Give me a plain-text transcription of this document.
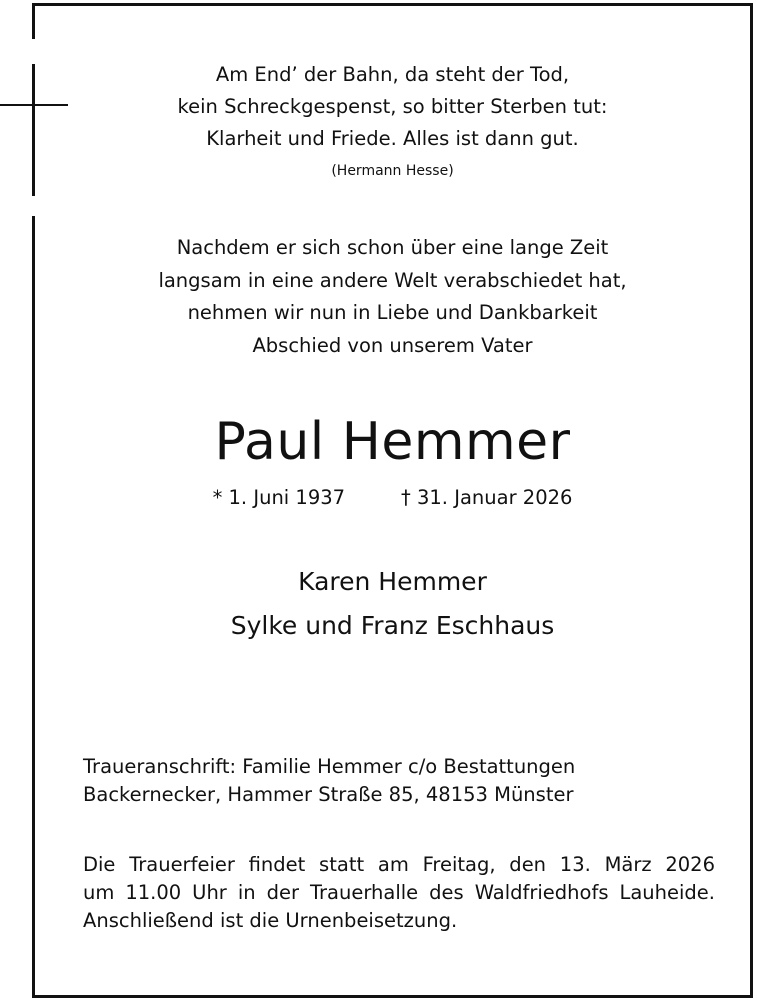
Am End’ der Bahn, da steht der Tod,
kein Schreckgespenst, so bitter Sterben tut:
Klarheit und Friede. Alles ist dann gut.
(Hermann Hesse)
Nachdem er sich schon über eine lange Zeit
langsam in eine andere Welt verabschiedet hat,
nehmen wir nun in Liebe und Dankbarkeit
Abschied von unserem Vater
Paul Hemmer
* 1. Juni 1937	† 31. Januar 2026
Karen Hemmer
Sylke und Franz Eschhaus
Traueranschrift: Familie Hemmer c/o Bestattungen
Backernecker, Hammer Straße 85, 48153 Münster
Die Trauerfeier findet statt am Freitag, den 13. März 2026
um 11.00 Uhr in der Trauerhalle des Waldfriedhofs Lauheide.
Anschließend ist die Urnenbeisetzung.
